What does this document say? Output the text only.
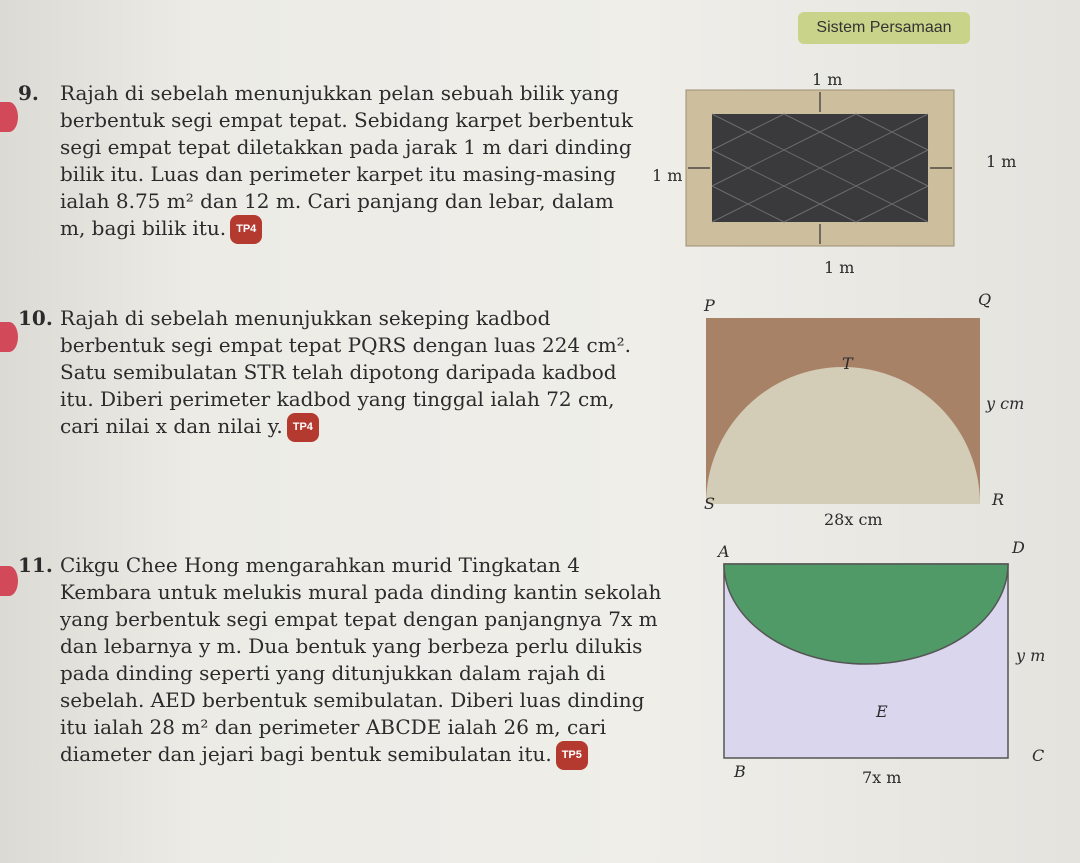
Sistem Persamaan
9. Rajah di sebelah menunjukkan pelan sebuah bilik yang

berbentuk segi empat tepat. Sebidang karpet berbentuk

segi empat tepat diletakkan pada jarak 1 m dari dinding

bilik itu. Luas dan perimeter karpet itu masing-masing

ialah 8.75 m² dan 12 m. Cari panjang dan lebar, dalam

m, bagi bilik itu. TP4

1 m
1 m
1 m
1 m
10. Rajah di sebelah menunjukkan sekeping kadbod

berbentuk segi empat tepat PQRS dengan luas 224 cm².

Satu semibulatan STR telah dipotong daripada kadbod

itu. Diberi perimeter kadbod yang tinggal ialah 72 cm,

cari nilai x dan nilai y. TP4

P	Q
T
y cm
S	R
28x cm
11. Cikgu Chee Hong mengarahkan murid Tingkatan 4

Kembara untuk melukis mural pada dinding kantin sekolah

yang berbentuk segi empat tepat dengan panjangnya 7x m

dan lebarnya y m. Dua bentuk yang berbeza perlu dilukis

pada dinding seperti yang ditunjukkan dalam rajah di

sebelah. AED berbentuk semibulatan. Diberi luas dinding

itu ialah 28 m² dan perimeter ABCDE ialah 26 m, cari

diameter dan jejari bagi bentuk semibulatan itu. TP5

A	D
y m
E
C
B	7x m
